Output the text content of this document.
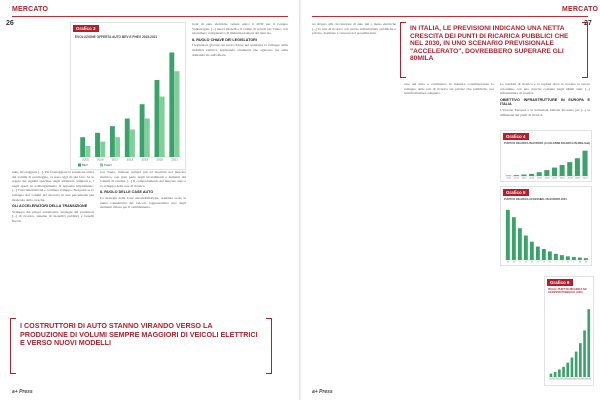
MERCATO
26
Grafico 3
EVOLUZIONE OFFERTA AUTO BEV E PHEV 2015-2021
2015	2016	2017	2018	2019	2020	2021
BEV	PHEV
tuke, incoraggiate [...]. Per fronteggiare la soluzione attiva dei volumi di parcheggio, vi sono oggi da più fare. Se le regole dei rigidità spaziane degli ambienti, artigiani e, i negli spazi, in sobbergiamento di apposito impiamento. [...] Truccumentatività e continua sviluppo. Nei passi se lo sviluppo dei volumi del mercato in una percentuale più moderata della crescita.
GLI ACCELERATORI DELLA TRANSIZIONE
Sviluppo dei player automotive, strategie dei produttori [...] di ricarica, sistema di incentivi pubblici e benefit fiscali.
tori d'auto, iniziano sempre più ad investire nel mercato elettrico, con gran parte degli investimenti e aumenti dei volumi di vendita. [...] Il comportamento del mercato auto e lo sviluppo della rete di ricarica.
IL RUOLO DELLE CASE AUTO
La strategia delle Case automobilistiche, orientata verso la piena connettività dei veicoli, rappresentano uno degli elementi chiave per il cambiamento.
tioni di auto elettriche venute entro il 2030 per il Gruppo Volkswagen. [...] nuovi modelli e il ordine di veicoli per l'anno, con un numero complessivo di immatricolazioni del mercato.
IL RUOLO CHIAVE DEI LEGISLATORI
I legislatori giocano un ruolo chiave nel sostenere lo sviluppo della mobilità elettrica applicando strumenti che agiscono sia sulla domanda sia sull'offerta.
I COSTRUTTORI DI AUTO STANNO VIRANDO VERSO LA PRODUZIONE DI VOLUMI SEMPRE MAGGIORI DI VEICOLI ELETTRICI E VERSO NUOVI MODELLI
a+ Press
MERCATO
27
no dovuto alla circolazione di auto più o meno elettriche [...] la rete di ricarica con nuove infrastrutture pubbliche e private, destinate a crescere nei prossimi anni.
IN ITALIA, LE PREVISIONI INDICANO UNA NETTA CRESCITA DEI PUNTI DI RICARICA PUBBLICI CHE NEL 2030, IN UNO SCENARIO PREVISIONALE "ACCELERATO", DOVREBBERO SUPERARE GLI 80MILA
cate del tutto e continuano in maniera contemporanea lo sviluppo delle reti di ricarica sia private che pubbliche, per un'infrastruttura adeguata.
Le stazioni di ricarica e le regioni dove si trovano le nuove colonnine, con una crescita costante negli ultimi anni. [...] infrastrutture di ricarica.
OBIETTIVO INFRASTRUTTURE IN EUROPA E ITALIA
L'Unione Europea e le istituzioni italiane lavorano per [...] la diffusione dei punti di ricarica.
Grafico 4
PUNTI DI RICARICA IN EUROPA (A COLONNE RICARICA IN MIGLIAIA)
2011	2012	2013	2014	2015	2016	2017	2018	2019	2020	2021
Grafico 5
PUNTI DI RICARICA ACCESSIBILI IN EUROPA 2021
A B C D E F G H I J K L	M N
Grafico 6
ITALIA: PUNTI DI RICARICA AD ACCESSO PUBBLICO (.000)
2021 2022 2023 2024 2025 2026 2027 2028 2029 2030
a+ Press
